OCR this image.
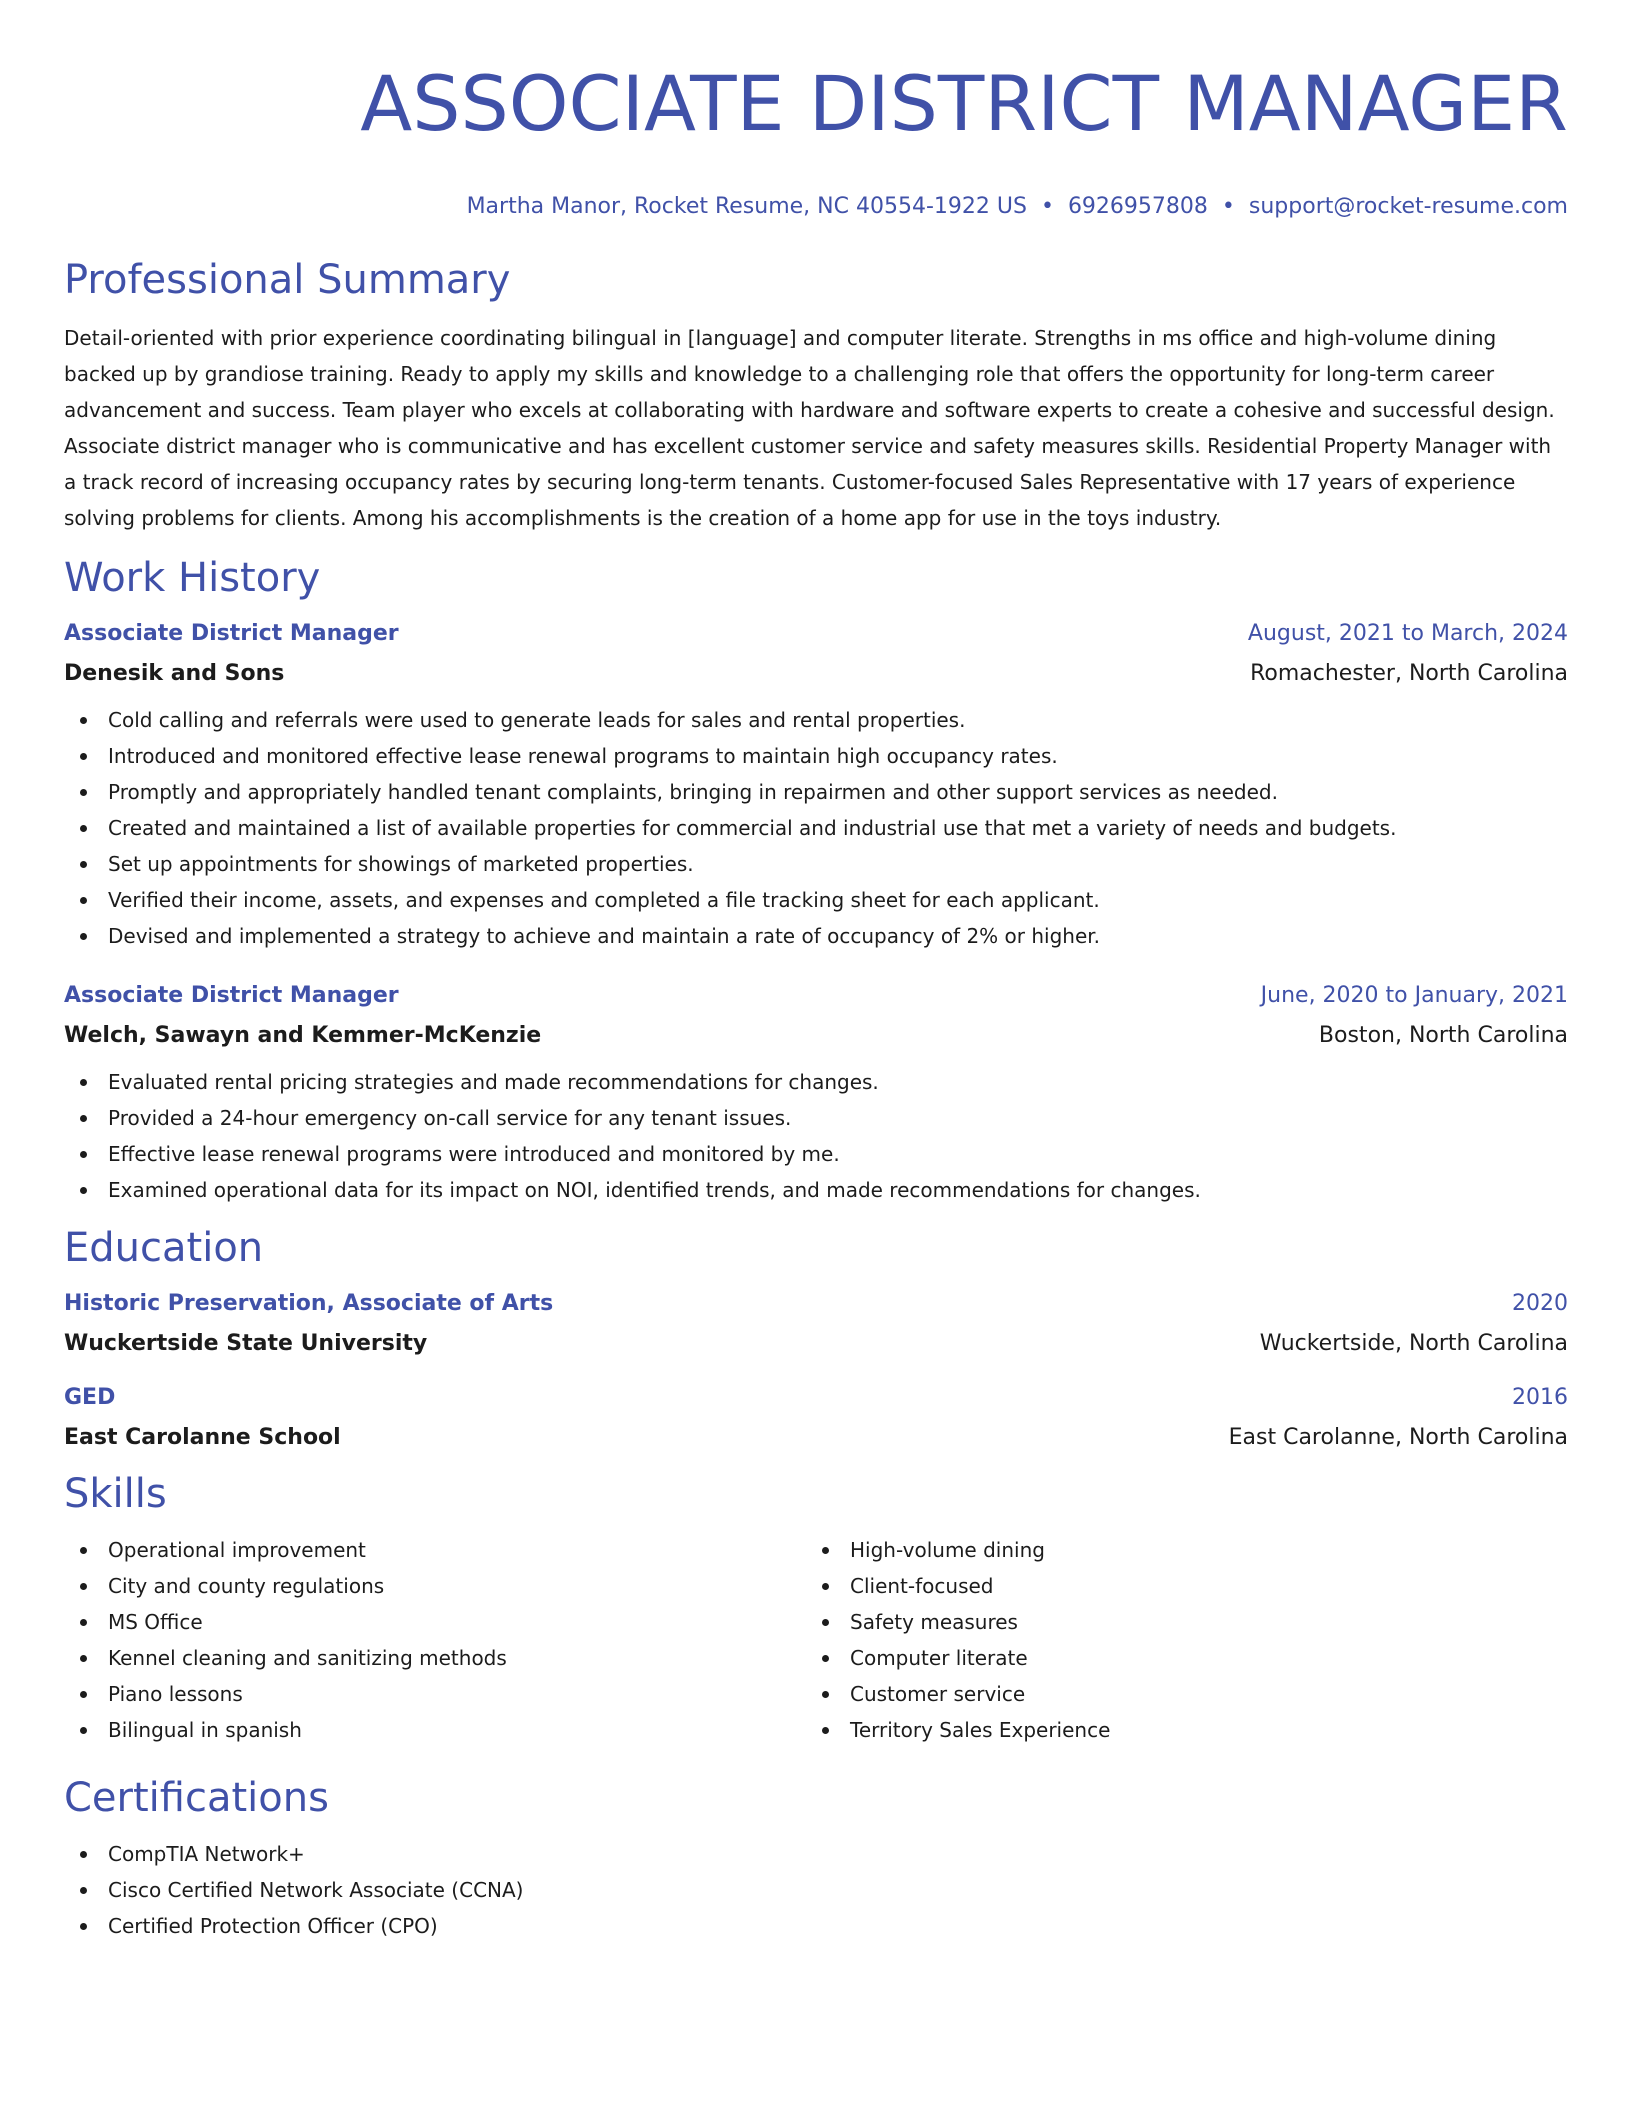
ASSOCIATE DISTRICT MANAGER
Martha Manor, Rocket Resume, NC 40554-1922 US • 6926957808 • support@rocket-resume.com
Professional Summary
Detail-oriented with prior experience coordinating bilingual in [language] and computer literate. Strengths in ms office and high-volume dining backed up by grandiose training. Ready to apply my skills and knowledge to a challenging role that offers the opportunity for long-term career advancement and success. Team player who excels at collaborating with hardware and software experts to create a cohesive and successful design. Associate district manager who is communicative and has excellent customer service and safety measures skills. Residential Property Manager with a track record of increasing occupancy rates by securing long-term tenants. Customer-focused Sales Representative with 17 years of experience solving problems for clients. Among his accomplishments is the creation of a home app for use in the toys industry.
Work History
Associate District Manager	August, 2021 to March, 2024
Denesik and Sons	Romachester, North Carolina
Cold calling and referrals were used to generate leads for sales and rental properties.
Introduced and monitored effective lease renewal programs to maintain high occupancy rates.
Promptly and appropriately handled tenant complaints, bringing in repairmen and other support services as needed.
Created and maintained a list of available properties for commercial and industrial use that met a variety of needs and budgets.
Set up appointments for showings of marketed properties.
Verified their income, assets, and expenses and completed a file tracking sheet for each applicant.
Devised and implemented a strategy to achieve and maintain a rate of occupancy of 2% or higher.
Associate District Manager	June, 2020 to January, 2021
Welch, Sawayn and Kemmer-McKenzie	Boston, North Carolina
Evaluated rental pricing strategies and made recommendations for changes.
Provided a 24-hour emergency on-call service for any tenant issues.
Effective lease renewal programs were introduced and monitored by me.
Examined operational data for its impact on NOI, identified trends, and made recommendations for changes.
Education
Historic Preservation, Associate of Arts	2020
Wuckertside State University	Wuckertside, North Carolina
GED	2016
East Carolanne School	East Carolanne, North Carolina
Skills
Operational improvement
City and county regulations
MS Office
Kennel cleaning and sanitizing methods
Piano lessons
Bilingual in spanish
High-volume dining
Client-focused
Safety measures
Computer literate
Customer service
Territory Sales Experience
Certifications
CompTIA Network+
Cisco Certified Network Associate (CCNA)
Certified Protection Officer (CPO)
